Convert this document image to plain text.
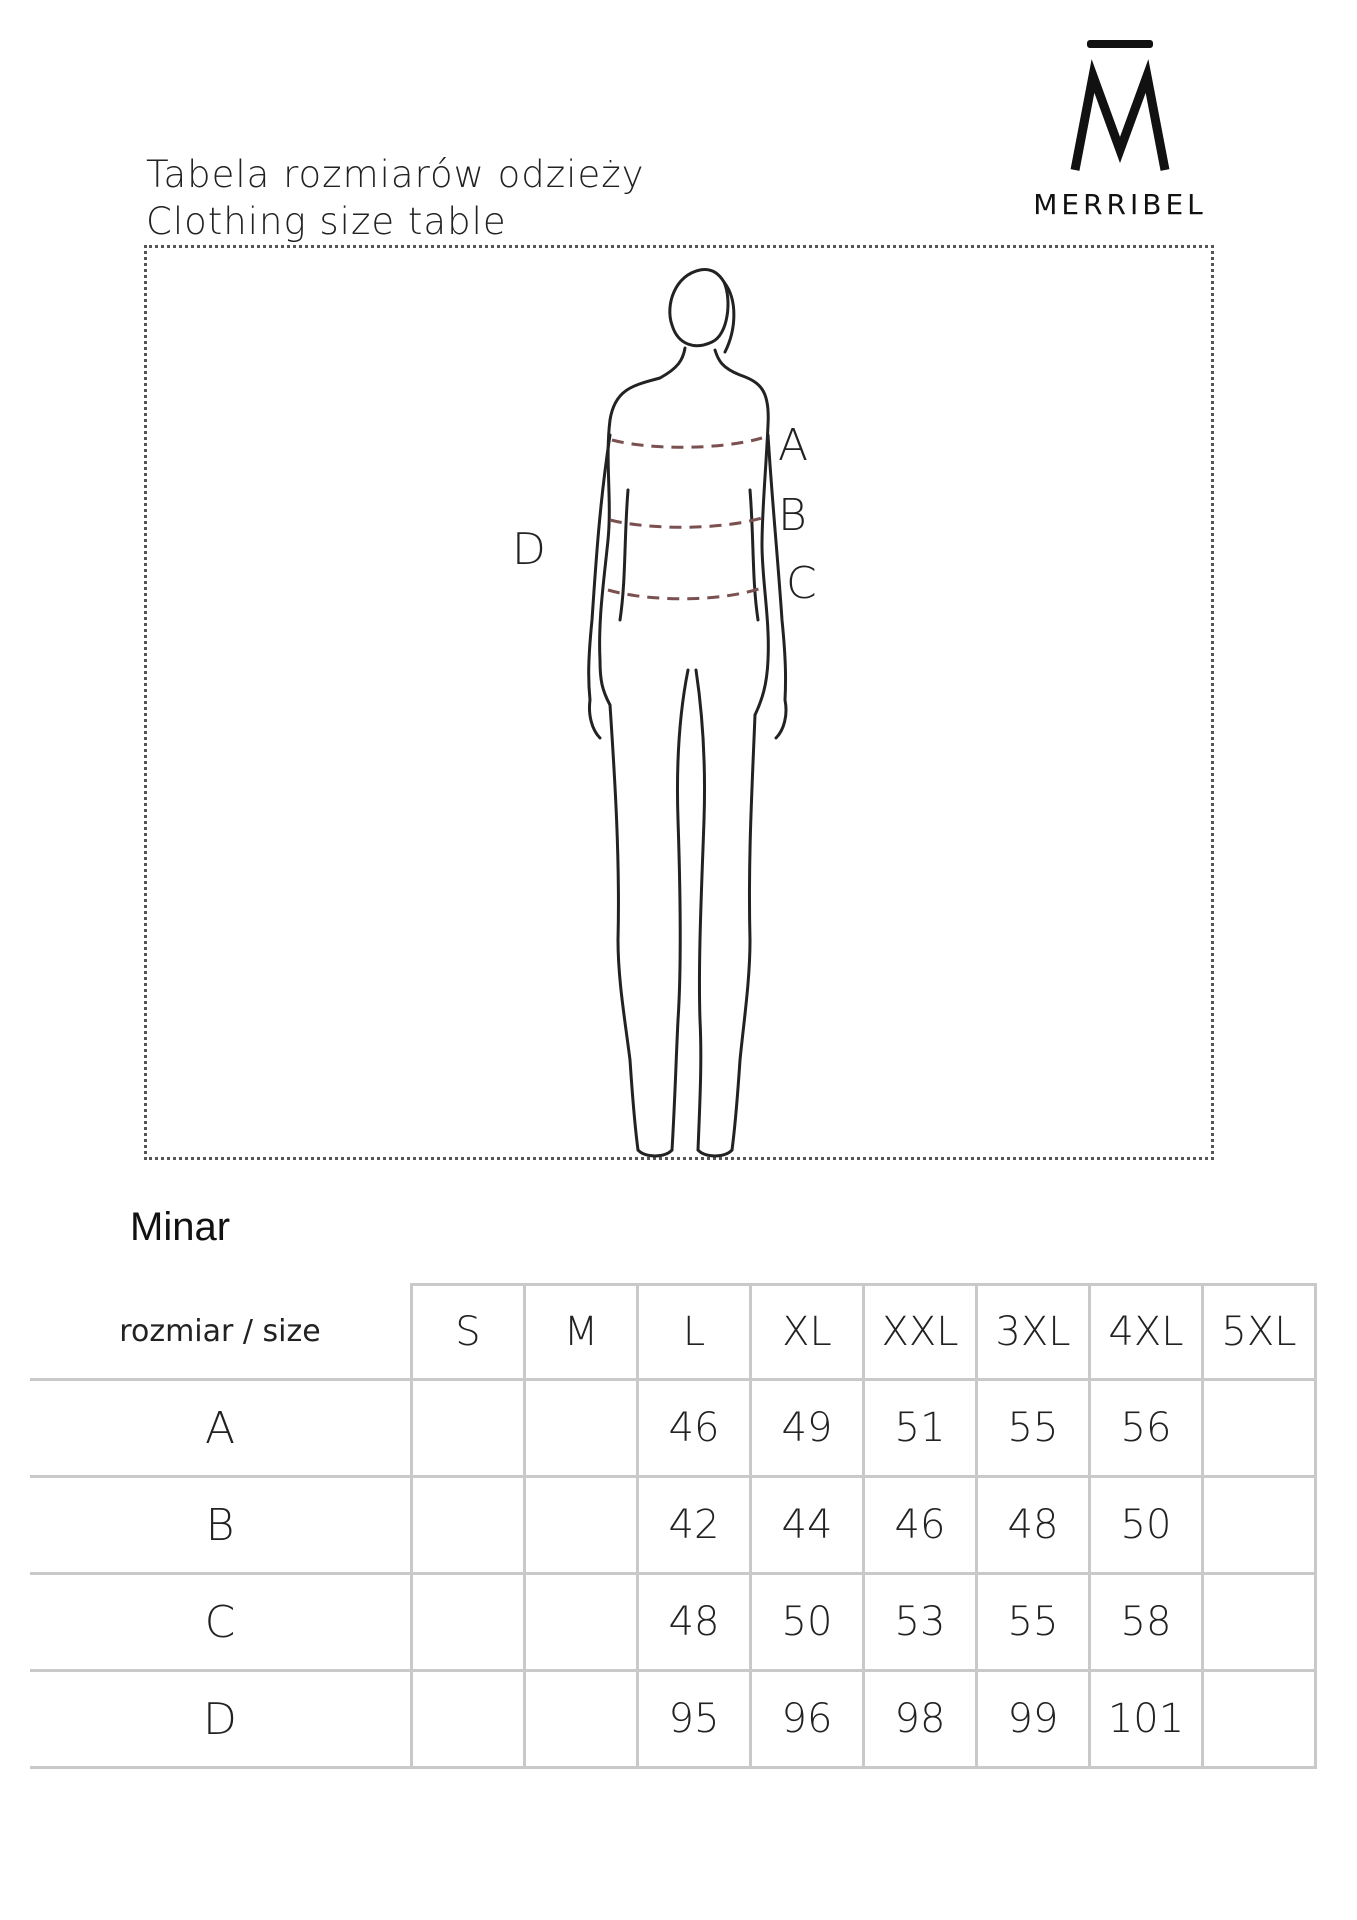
Tabela rozmiarów odzieży
Clothing size table	MERRIBEL
A
B
C
D
Minar
rozmiar / size	S	M	L	XL	XXL	3XL	4XL	5XL
A			46	49	51	55	56	
B			42	44	46	48	50	
C			48	50	53	55	58	
D			95	96	98	99	101	
